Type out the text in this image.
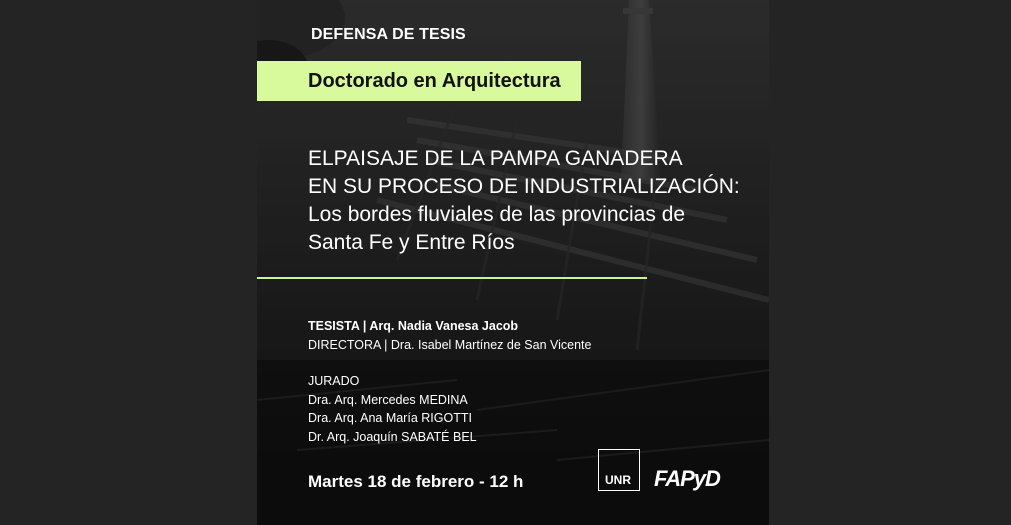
DEFENSA DE TESIS
Doctorado en Arquitectura
ELPAISAJE DE LA PAMPA GANADERA
EN SU PROCESO DE INDUSTRIALIZACIÓN:
Los bordes fluviales de las provincias de
Santa Fe y Entre Ríos
TESISTA | Arq. Nadia Vanesa Jacob
DIRECTORA | Dra. Isabel Martínez de San Vicente
JURADO
Dra. Arq. Mercedes MEDINA
Dra. Arq. Ana María RIGOTTI
Dr. Arq. Joaquín SABATÉ BEL
Martes 18 de febrero - 12 h	UNR FAPyD
